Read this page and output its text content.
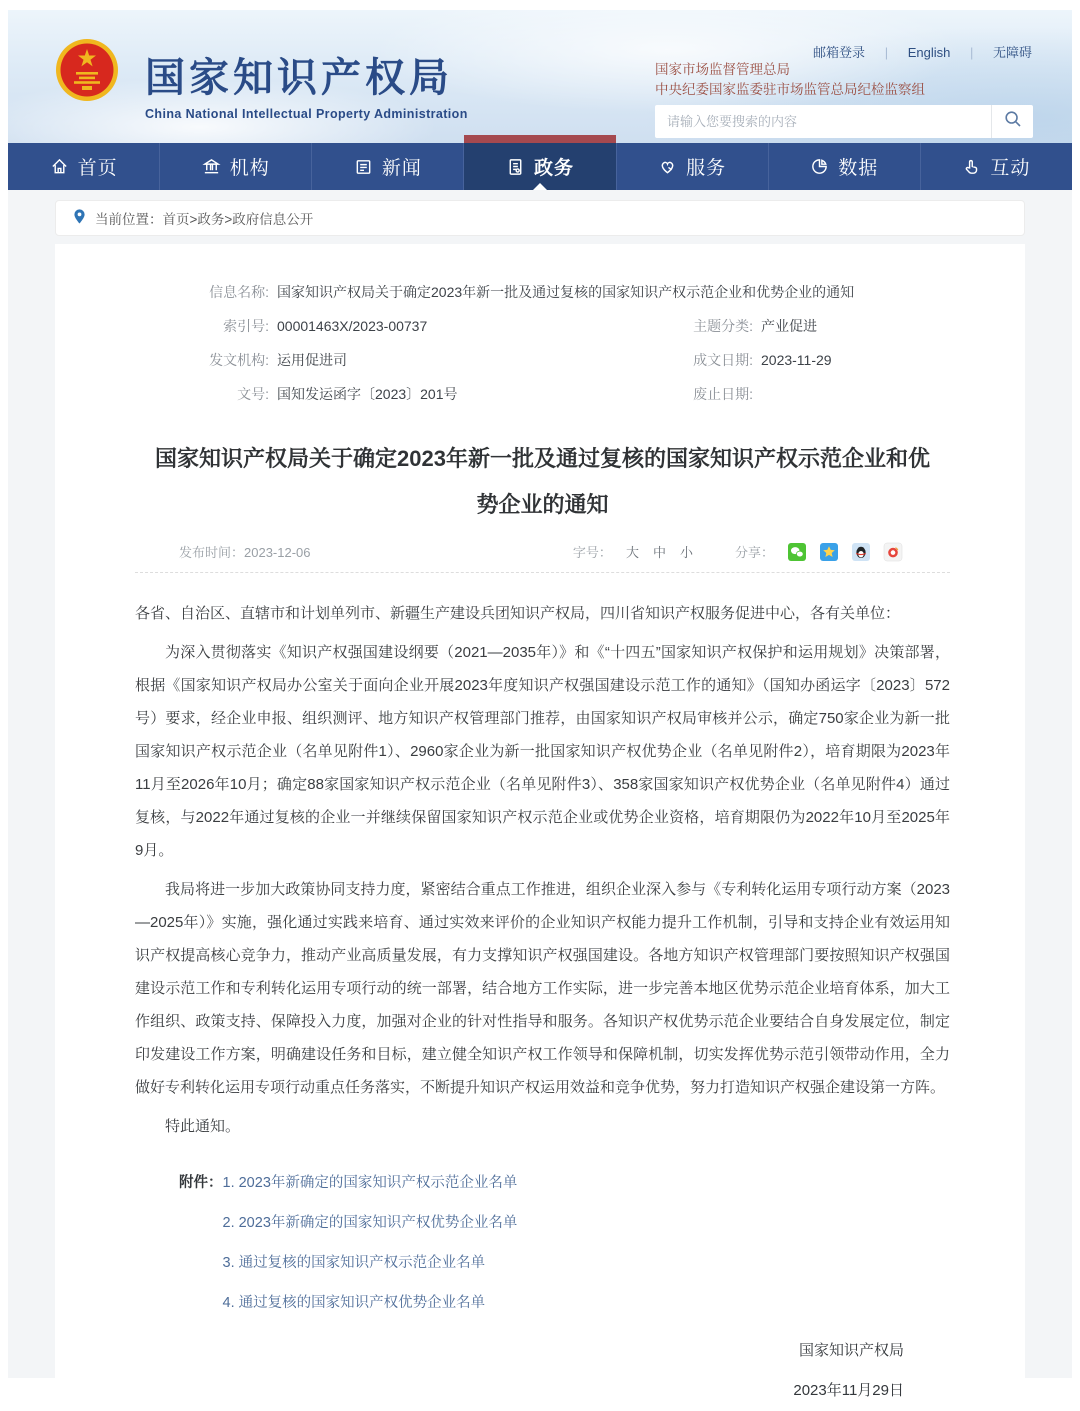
国家知识产权局
China National Intellectual Property Administration
邮箱登录 | English | 无障碍
国家市场监督管理总局
中央纪委国家监委驻市场监管总局纪检监察组
请输入您要搜索的内容
首页	机构	新闻	政务	服务	数据	互动
当前位置： 首页>政务>政府信息公开
信息名称: 国家知识产权局关于确定2023年新一批及通过复核的国家知识产权示范企业和优势企业的通知
索引号: 00001463X/2023-00737	主题分类: 产业促进
发文机构: 运用促进司	成文日期: 2023-11-29
文号: 国知发运函字〔2023〕201号	废止日期:
国家知识产权局关于确定2023年新一批及通过复核的国家知识产权示范企业和优势企业的通知
发布时间：2023-12-06	字号： 大 中 小	分享：

各省、自治区、直辖市和计划单列市、新疆生产建设兵团知识产权局，四川省知识产权服务促进中心，各有关单位：

为深入贯彻落实《知识产权强国建设纲要（2021—2035年）》和《“十四五”国家知识产权保护和运用规划》决策部署，根据《国家知识产权局办公室关于面向企业开展2023年度知识产权强国建设示范工作的通知》（国知办函运字〔2023〕572号）要求，经企业申报、组织测评、地方知识产权管理部门推荐，由国家知识产权局审核并公示，确定750家企业为新一批国家知识产权示范企业（名单见附件1）、2960家企业为新一批国家知识产权优势企业（名单见附件2），培育期限为2023年11月至2026年10月；确定88家国家知识产权示范企业（名单见附件3）、358家国家知识产权优势企业（名单见附件4）通过复核，与2022年通过复核的企业一并继续保留国家知识产权示范企业或优势企业资格，培育期限仍为2022年10月至2025年9月。

我局将进一步加大政策协同支持力度，紧密结合重点工作推进，组织企业深入参与《专利转化运用专项行动方案（2023—2025年）》实施，强化通过实践来培育、通过实效来评价的企业知识产权能力提升工作机制，引导和支持企业有效运用知识产权提高核心竞争力，推动产业高质量发展，有力支撑知识产权强国建设。各地方知识产权管理部门要按照知识产权强国建设示范工作和专利转化运用专项行动的统一部署，结合地方工作实际，进一步完善本地区优势示范企业培育体系，加大工作组织、政策支持、保障投入力度，加强对企业的针对性指导和服务。各知识产权优势示范企业要结合自身发展定位，制定印发建设工作方案，明确建设任务和目标，建立健全知识产权工作领导和保障机制，切实发挥优势示范引领带动作用，全力做好专利转化运用专项行动重点任务落实，不断提升知识产权运用效益和竞争优势，努力打造知识产权强企建设第一方阵。

特此通知。

附件： 1. 2023年新确定的国家知识产权示范企业名单
2. 2023年新确定的国家知识产权优势企业名单
3. 通过复核的国家知识产权示范企业名单
4. 通过复核的国家知识产权优势企业名单
国家知识产权局
2023年11月29日
